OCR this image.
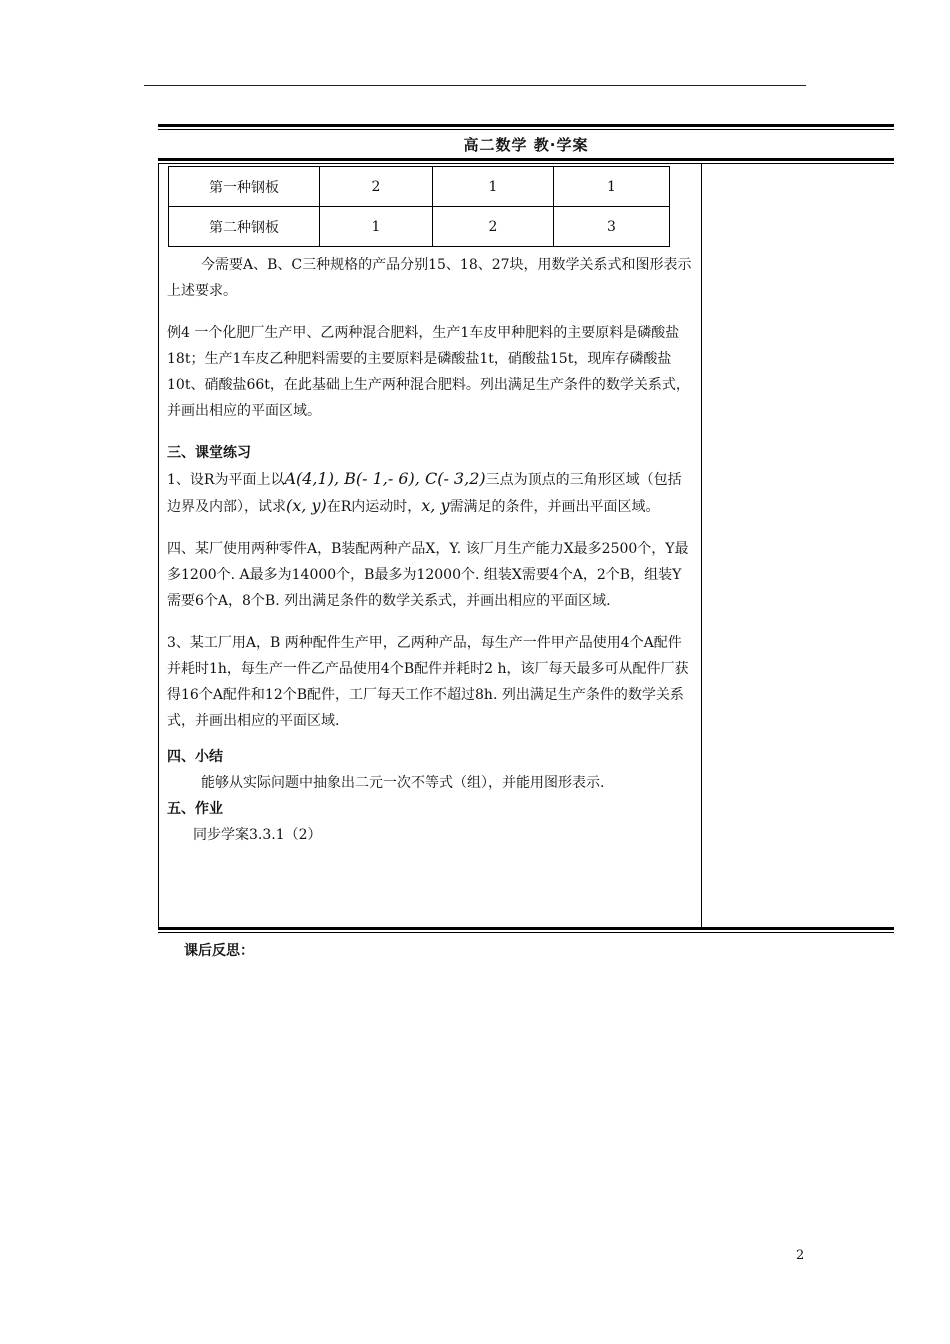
高二数学 教·学案
第一种钢板	2	1	1
第二种钢板	1	2	3

今需要A、B、C三种规格的产品分别15、18、27块，用数学关系式和图形表示上述要求。

例4 一个化肥厂生产甲、乙两种混合肥料，生产1车皮甲种肥料的主要原料是磷酸盐18t；生产1车皮乙种肥料需要的主要原料是磷酸盐1t，硝酸盐15t，现库存磷酸盐10t、硝酸盐66t，在此基础上生产两种混合肥料。列出满足生产条件的数学关系式，并画出相应的平面区域。

三、课堂练习

1、设R为平面上以A(4,1), B(- 1,- 6), C(- 3,2)三点为顶点的三角形区域（包括边界及内部），试求(x, y)在R内运动时，x, y需满足的条件，并画出平面区域。

四、某厂使用两种零件A，B装配两种产品X，Y. 该厂月生产能力X最多2500个，Y最多1200个. A最多为14000个，B最多为12000个. 组装X需要4个A，2个B，组装Y需要6个A，8个B. 列出满足条件的数学关系式，并画出相应的平面区域.

3、某工厂用A，B 两种配件生产甲，乙两种产品，每生产一件甲产品使用4个A配件并耗时1h，每生产一件乙产品使用4个B配件并耗时2 h，该厂每天最多可从配件厂获得16个A配件和12个B配件，工厂每天工作不超过8h. 列出满足生产条件的数学关系式，并画出相应的平面区域.

四、小结

能够从实际问题中抽象出二元一次不等式（组），并能用图形表示.

五、作业

同步学案3.3.1（2）

课后反思：
2
